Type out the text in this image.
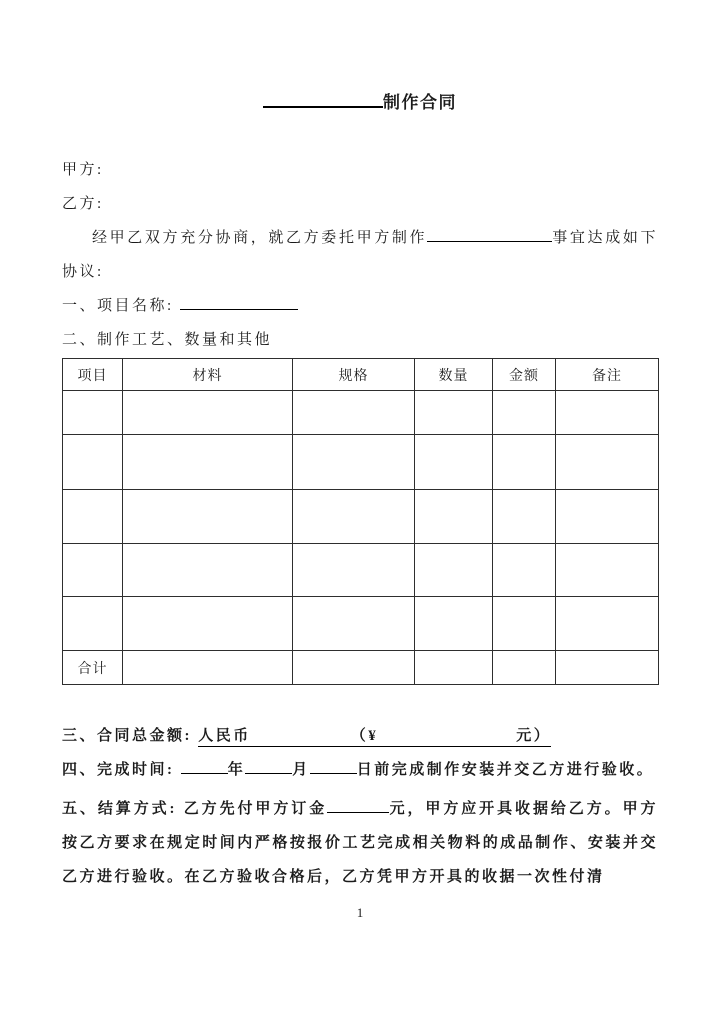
制作合同

甲方:

乙方:

经甲乙双方充分协商，就乙方委托甲方制作	事宜达成如下协议:

一、项目名称:

二、制作工艺、数量和其他

项目	材料	规格	数量	金额	备注

合计					

三、合同总金额: 人民币	（¥	元）

四、完成时间:	年	月	日前完成制作安装并交乙方进行验收。

五、结算方式: 乙方先付甲方订金	元，甲方应开具收据给乙方。甲方按乙方要求在规定时间内严格按报价工艺完成相关物料的成品制作、安装并交乙方进行验收。在乙方验收合格后，乙方凭甲方开具的收据一次性付清

1
